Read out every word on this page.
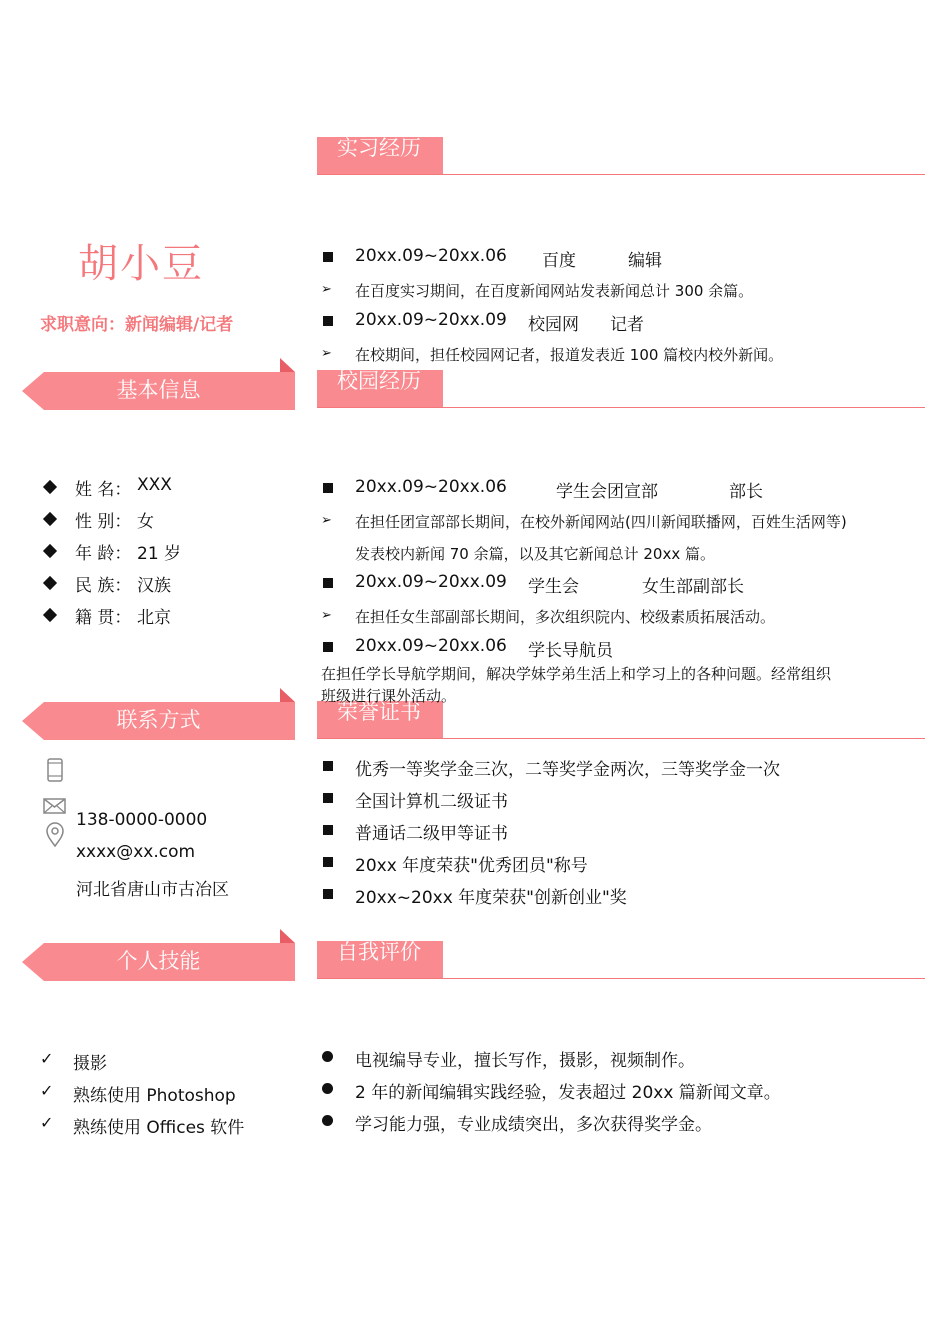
胡小豆
求职意向：新闻编辑/记者
基本信息
联系方式
个人技能
姓 名： XXX
性 别： 女
年 龄： 21 岁
民 族： 汉族
籍 贯： 北京
138-0000-0000
xxxx@xx.com
河北省唐山市古冶区
✓ 摄影
✓ 熟练使用 Photoshop
✓ 熟练使用 Offices 软件
实习经历
校园经历
荣誉证书
自我评价
20xx.09~20xx.06 百度	编辑
➢ 在百度实习期间，在百度新闻网站发表新闻总计 300 余篇。
20xx.09~20xx.09 校园网 记者
➢ 在校期间，担任校园网记者，报道发表近 100 篇校内校外新闻。
20xx.09~20xx.06	学生会团宣部	部长
➢ 在担任团宣部部长期间，在校外新闻网站(四川新闻联播网，百姓生活网等)
发表校内新闻 70 余篇，以及其它新闻总计 20xx 篇。
20xx.09~20xx.09 学生会	女生部副部长
➢ 在担任女生部副部长期间，多次组织院内、校级素质拓展活动。
20xx.09~20xx.06 学长导航员
在担任学长导航学期间，解决学妹学弟生活上和学习上的各种问题。经常组织
班级进行课外活动。
优秀一等奖学金三次，二等奖学金两次，三等奖学金一次
全国计算机二级证书
普通话二级甲等证书
20xx 年度荣获"优秀团员"称号
20xx~20xx 年度荣获"创新创业"奖
电视编导专业，擅长写作，摄影，视频制作。
2 年的新闻编辑实践经验，发表超过 20xx 篇新闻文章。
学习能力强，专业成绩突出，多次获得奖学金。
